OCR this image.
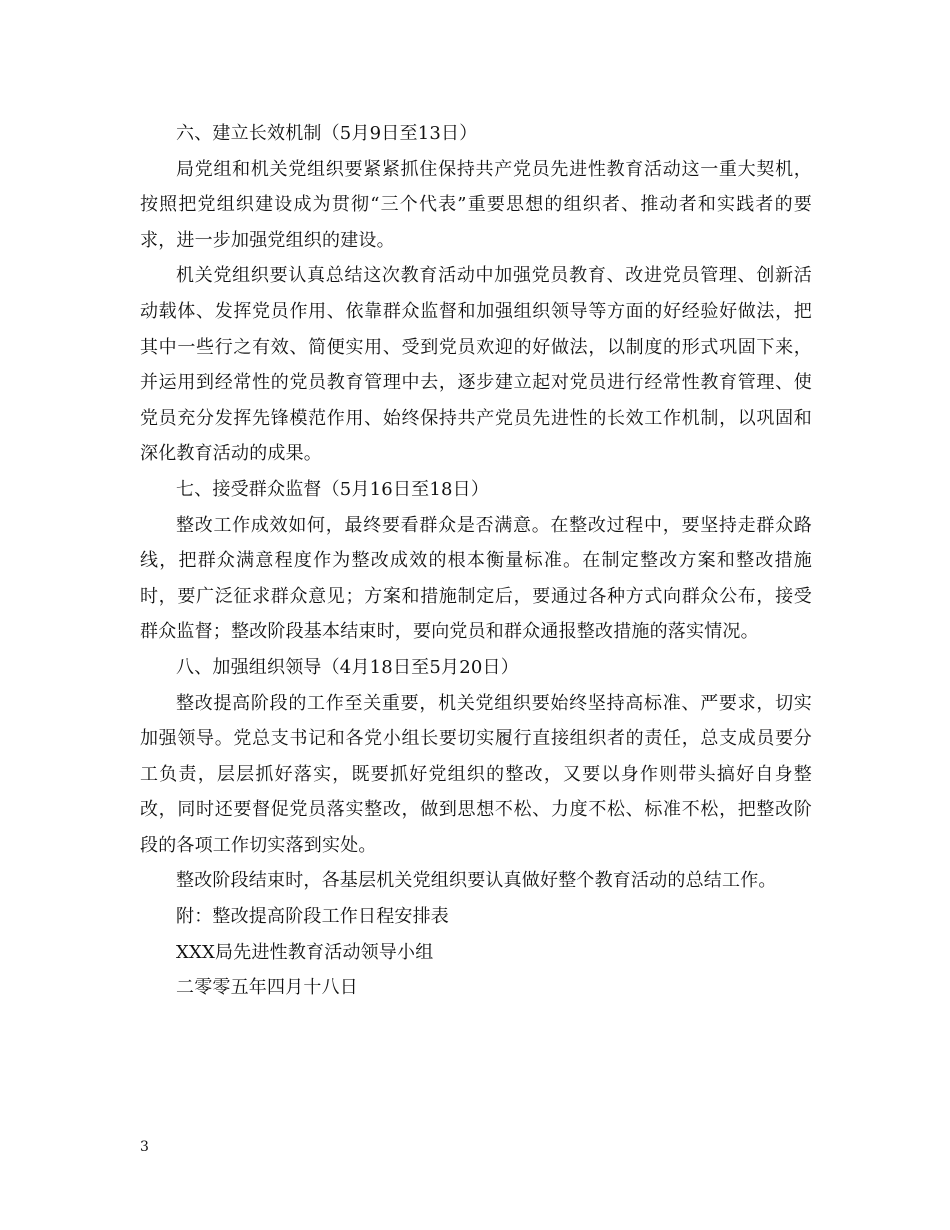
六、建立长效机制（5月9日至13日）

局党组和机关党组织要紧紧抓住保持共产党员先进性教育活动这一重大契机，按照把党组织建设成为贯彻“三个代表”重要思想的组织者、推动者和实践者的要求，进一步加强党组织的建设。

机关党组织要认真总结这次教育活动中加强党员教育、改进党员管理、创新活动载体、发挥党员作用、依靠群众监督和加强组织领导等方面的好经验好做法，把其中一些行之有效、简便实用、受到党员欢迎的好做法，以制度的形式巩固下来，并运用到经常性的党员教育管理中去，逐步建立起对党员进行经常性教育管理、使党员充分发挥先锋模范作用、始终保持共产党员先进性的长效工作机制，以巩固和深化教育活动的成果。

七、接受群众监督（5月16日至18日）

整改工作成效如何，最终要看群众是否满意。在整改过程中，要坚持走群众路线，把群众满意程度作为整改成效的根本衡量标准。在制定整改方案和整改措施时，要广泛征求群众意见；方案和措施制定后，要通过各种方式向群众公布，接受群众监督；整改阶段基本结束时，要向党员和群众通报整改措施的落实情况。

八、加强组织领导（4月18日至5月20日）

整改提高阶段的工作至关重要，机关党组织要始终坚持高标准、严要求，切实加强领导。党总支书记和各党小组长要切实履行直接组织者的责任，总支成员要分工负责，层层抓好落实，既要抓好党组织的整改，又要以身作则带头搞好自身整改，同时还要督促党员落实整改，做到思想不松、力度不松、标准不松，把整改阶段的各项工作切实落到实处。

整改阶段结束时，各基层机关党组织要认真做好整个教育活动的总结工作。

附：整改提高阶段工作日程安排表

XXX局先进性教育活动领导小组

二零零五年四月十八日

3
